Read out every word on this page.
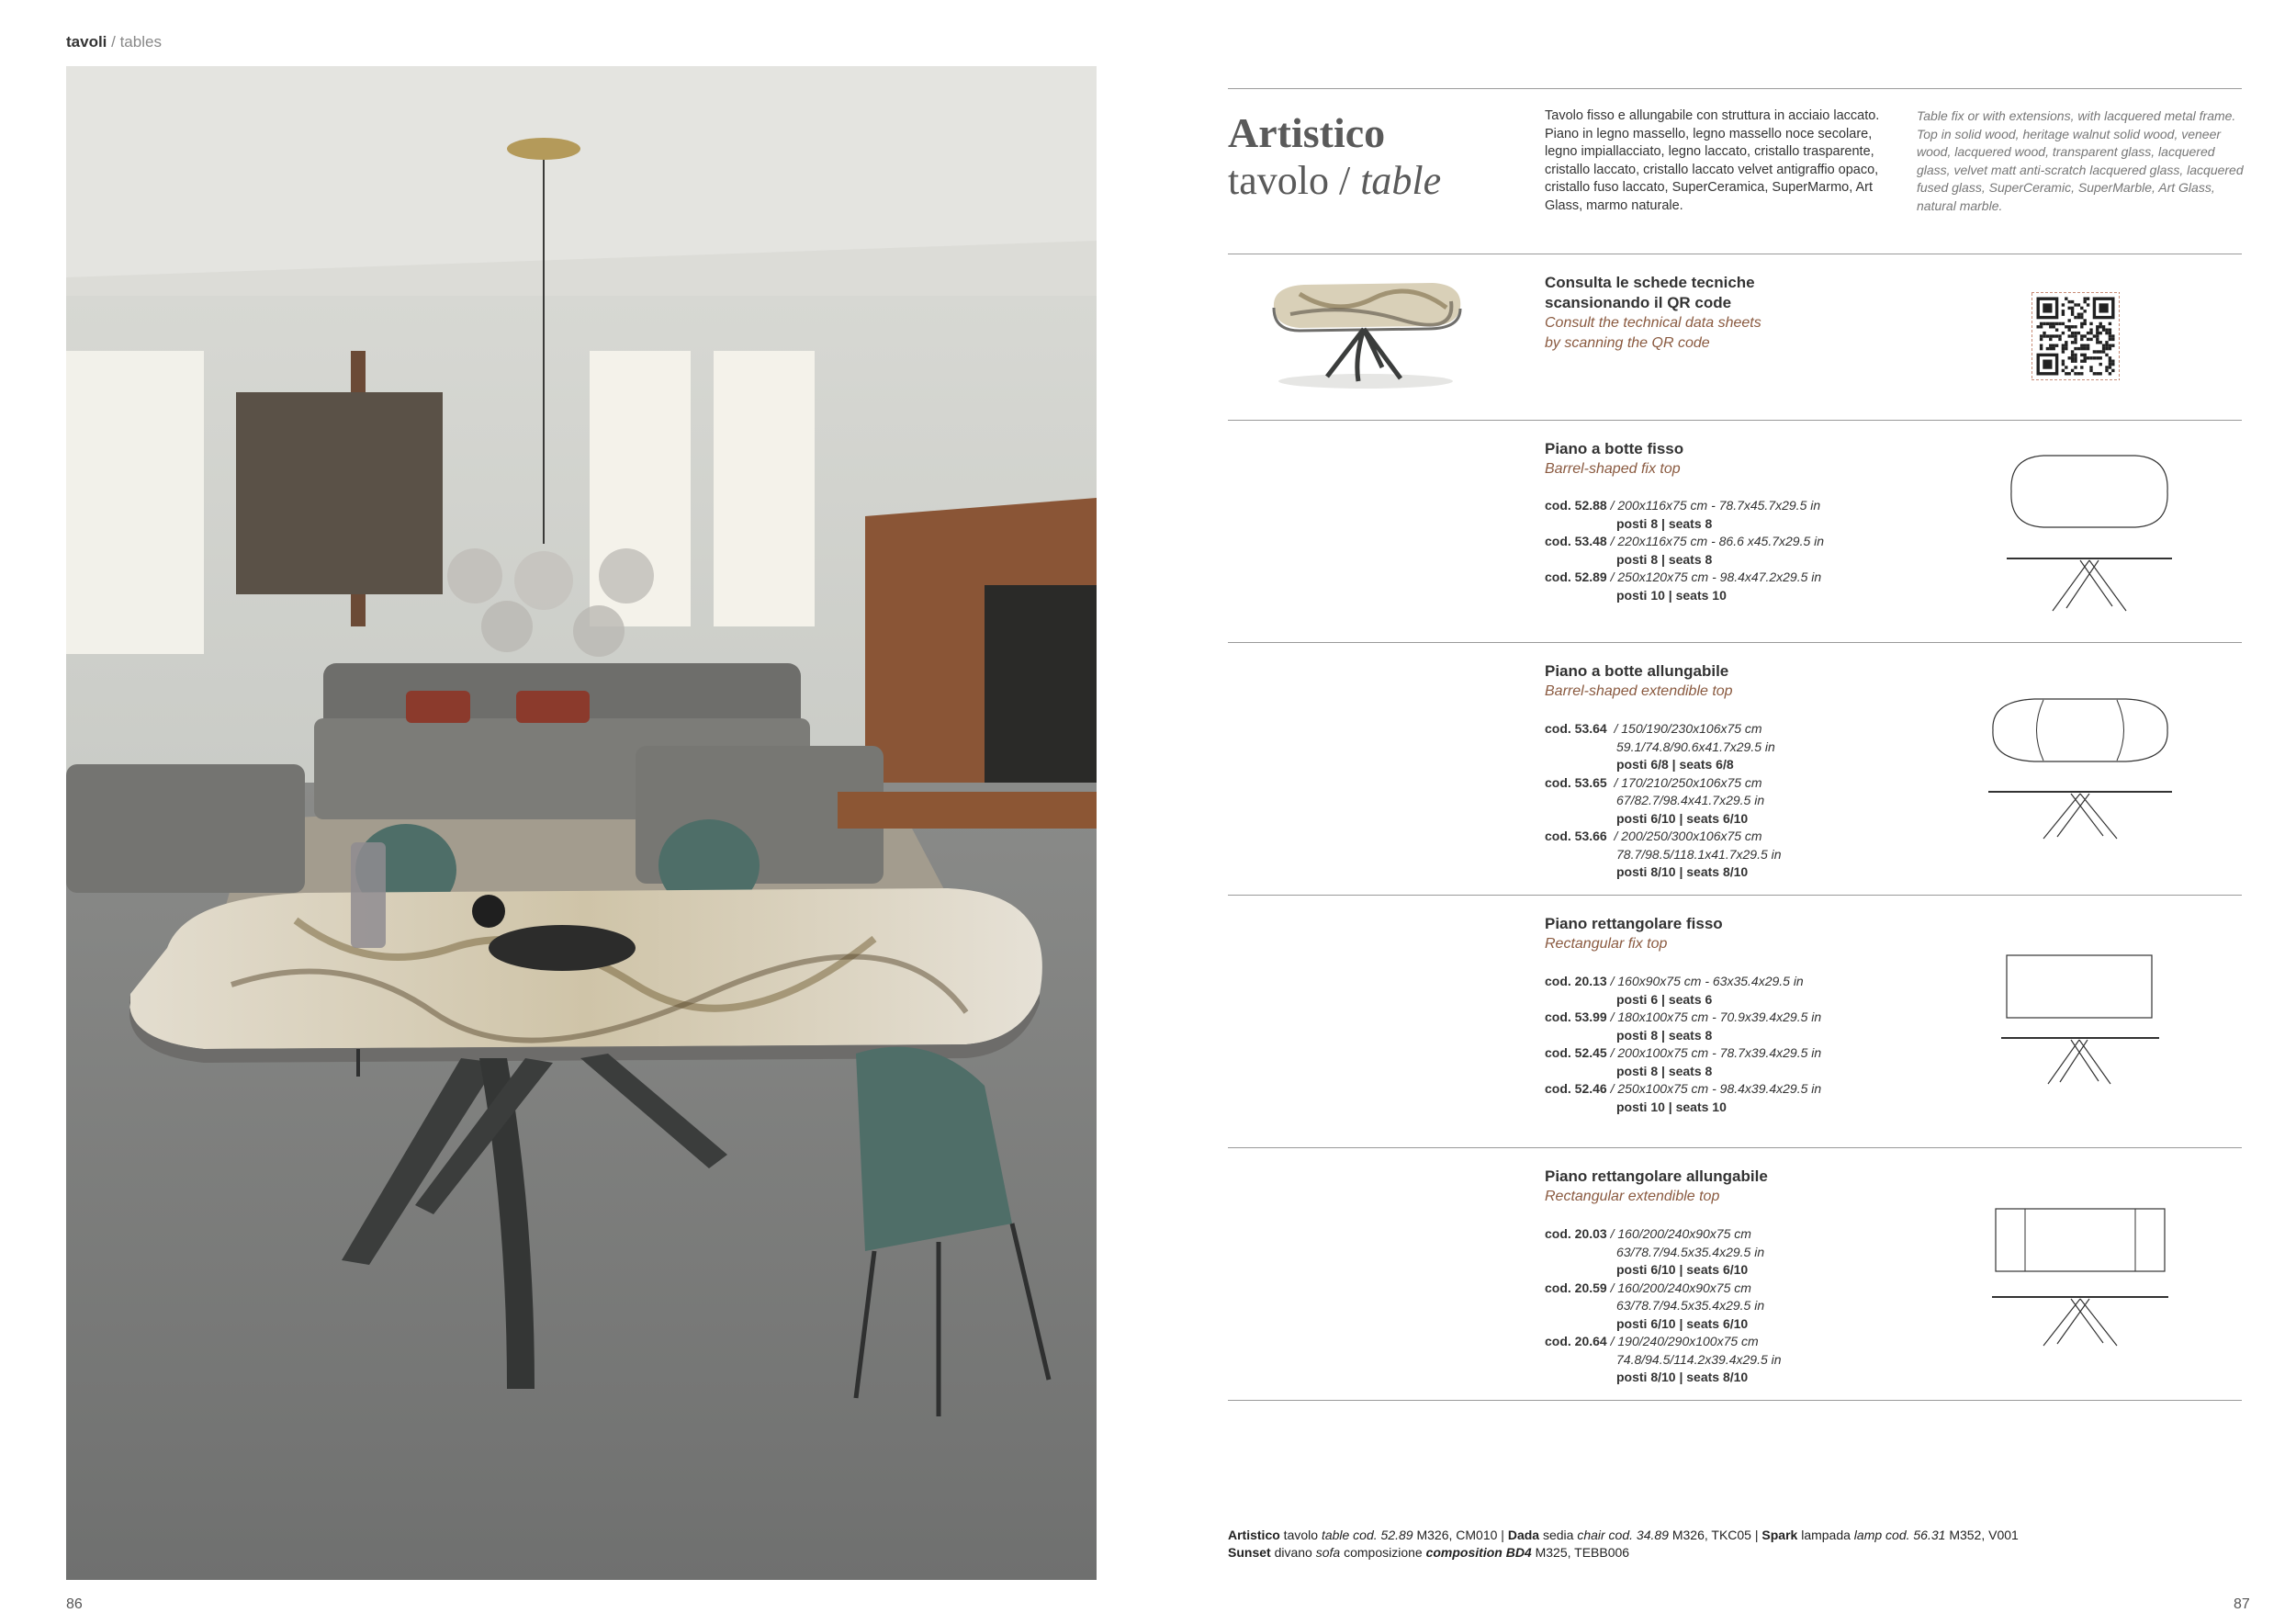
tavoli / tables
86	87
Artistico
tavolo / table
Tavolo fisso e allungabile con struttura in acciaio laccato. Piano in legno massello, legno massello noce secolare, legno impiallacciato, legno laccato, cristallo trasparente, cristallo laccato, cristallo laccato velvet antigraffio opaco, cristallo fuso laccato, SuperCeramica, SuperMarmo, Art Glass, marmo naturale.
Table fix or with extensions, with lacquered metal frame. Top in solid wood, heritage walnut solid wood, veneer wood, lacquered wood, transparent glass, lacquered glass, velvet matt anti-scratch lacquered glass, lacquered fused glass, SuperCeramic, SuperMarble, Art Glass, natural marble.
Consulta le schede tecniche
scansionando il QR code
Consult the technical data sheets
by scanning the QR code
Piano a botte fisso
Barrel-shaped fix top
cod. 52.88 / 200x116x75 cm - 78.7x45.7x29.5 in
posti 8 | seats 8
cod. 53.48 / 220x116x75 cm - 86.6 x45.7x29.5 in
posti 8 | seats 8
cod. 52.89 / 250x120x75 cm - 98.4x47.2x29.5 in
posti 10 | seats 10
Piano a botte allungabile
Barrel-shaped extendible top
cod. 53.64 / 150/190/230x106x75 cm
59.1/74.8/90.6x41.7x29.5 in
posti 6/8 | seats 6/8
cod. 53.65 / 170/210/250x106x75 cm
67/82.7/98.4x41.7x29.5 in
posti 6/10 | seats 6/10
cod. 53.66 / 200/250/300x106x75 cm
78.7/98.5/118.1x41.7x29.5 in
posti 8/10 | seats 8/10
Piano rettangolare fisso
Rectangular fix top
cod. 20.13 / 160x90x75 cm - 63x35.4x29.5 in
posti 6 | seats 6
cod. 53.99 / 180x100x75 cm - 70.9x39.4x29.5 in
posti 8 | seats 8
cod. 52.45 / 200x100x75 cm - 78.7x39.4x29.5 in
posti 8 | seats 8
cod. 52.46 / 250x100x75 cm - 98.4x39.4x29.5 in
posti 10 | seats 10
Piano rettangolare allungabile
Rectangular extendible top
cod. 20.03 / 160/200/240x90x75 cm
63/78.7/94.5x35.4x29.5 in
posti 6/10 | seats 6/10
cod. 20.59 / 160/200/240x90x75 cm
63/78.7/94.5x35.4x29.5 in
posti 6/10 | seats 6/10
cod. 20.64 / 190/240/290x100x75 cm
74.8/94.5/114.2x39.4x29.5 in
posti 8/10 | seats 8/10
Artistico tavolo table cod. 52.89 M326, CM010 | Dada sedia chair cod. 34.89 M326, TKC05 | Spark lampada lamp cod. 56.31 M352, V001
Sunset divano sofa composizione composition BD4 M325, TEBB006
